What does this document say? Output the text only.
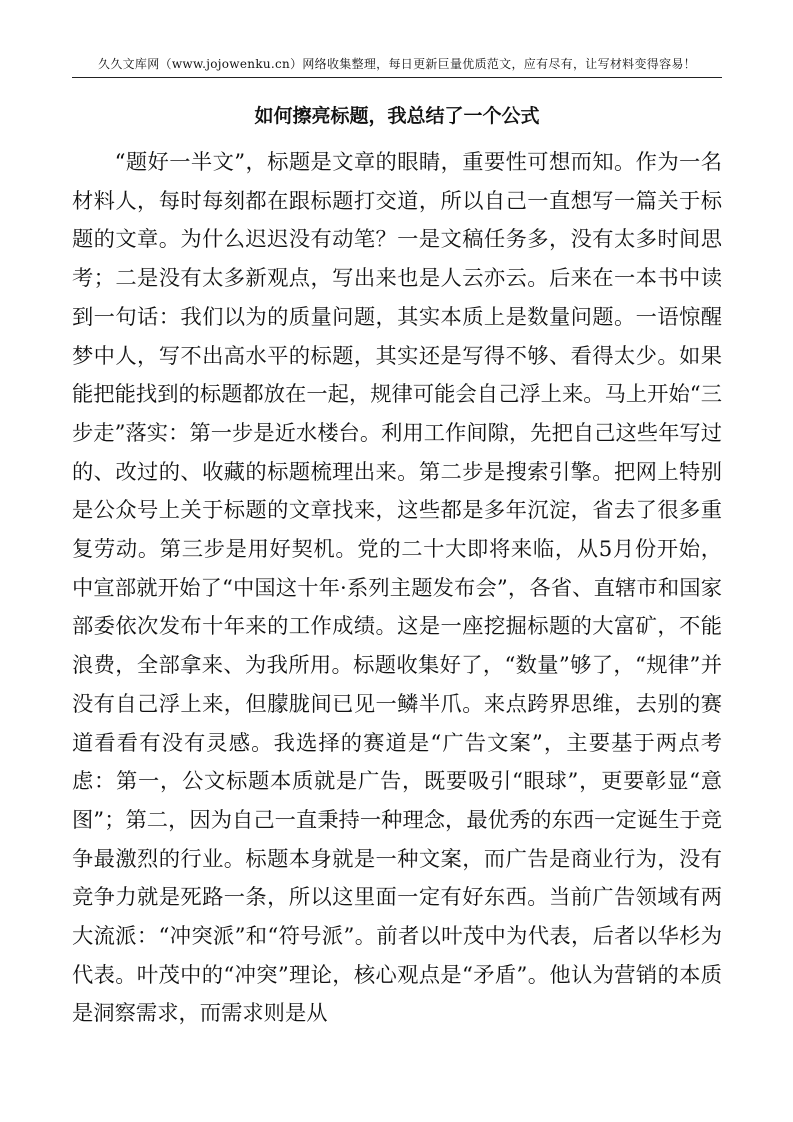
久久文库网（www.jojowenku.cn）网络收集整理，每日更新巨量优质范文，应有尽有，让写材料变得容易！
如何擦亮标题，我总结了一个公式

“题好一半文”，标题是文章的眼睛，重要性可想而知。作为一名材料人，每时每刻都在跟标题打交道，所以自己一直想写一篇关于标题的文章。为什么迟迟没有动笔？一是文稿任务多，没有太多时间思考；二是没有太多新观点，写出来也是人云亦云。后来在一本书中读到一句话：我们以为的质量问题，其实本质上是数量问题。一语惊醒梦中人，写不出高水平的标题，其实还是写得不够、看得太少。如果能把能找到的标题都放在一起，规律可能会自己浮上来。马上开始“三步走”落实：第一步是近水楼台。利用工作间隙，先把自己这些年写过的、改过的、收藏的标题梳理出来。第二步是搜索引擎。把网上特别是公众号上关于标题的文章找来，这些都是多年沉淀，省去了很多重复劳动。第三步是用好契机。党的二十大即将来临，从5月份开始，中宣部就开始了“中国这十年·系列主题发布会”，各省、直辖市和国家部委依次发布十年来的工作成绩。这是一座挖掘标题的大富矿，不能浪费，全部拿来、为我所用。标题收集好了，“数量”够了，“规律”并没有自己浮上来，但朦胧间已见一鳞半爪。来点跨界思维，去别的赛道看看有没有灵感。我选择的赛道是“广告文案”，主要基于两点考虑：第一，公文标题本质就是广告，既要吸引“眼球”，更要彰显“意图”；第二，因为自己一直秉持一种理念，最优秀的东西一定诞生于竞争最激烈的行业。标题本身就是一种文案，而广告是商业行为，没有竞争力就是死路一条，所以这里面一定有好东西。当前广告领域有两大流派：“冲突派”和“符号派”。前者以叶茂中为代表，后者以华杉为代表。叶茂中的“冲突”理论，核心观点是“矛盾”。他认为营销的本质是洞察需求，而需求则是从
